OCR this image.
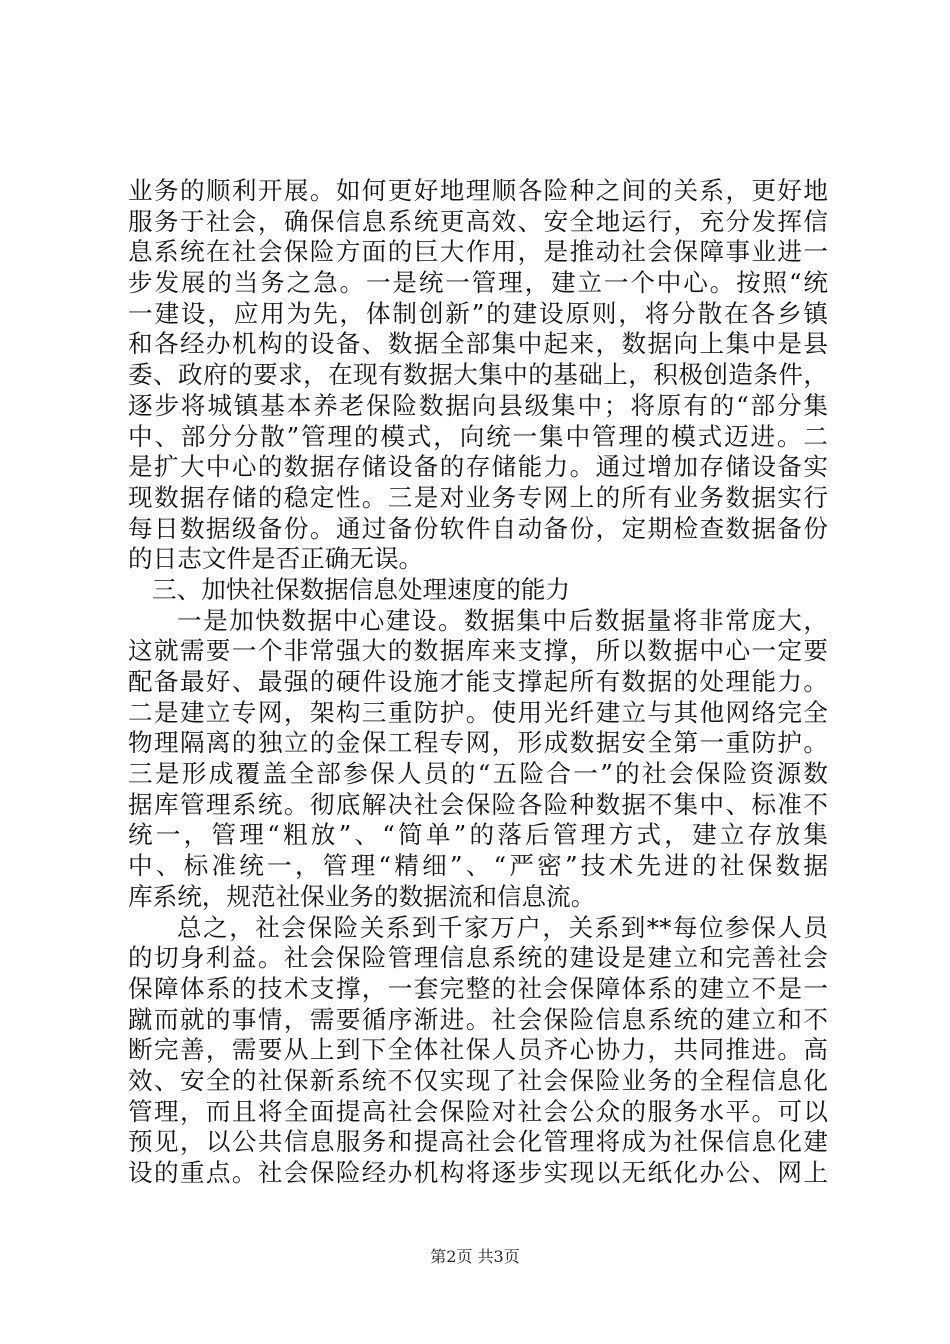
业务的顺利开展。如何更好地理顺各险种之间的关系，更好地
服务于社会，确保信息系统更高效、安全地运行，充分发挥信
息系统在社会保险方面的巨大作用，是推动社会保障事业进一
步发展的当务之急。一是统一管理，建立一个中心。按照“统
一建设，应用为先，体制创新”的建设原则，将分散在各乡镇
和各经办机构的设备、数据全部集中起来，数据向上集中是县
委、政府的要求，在现有数据大集中的基础上，积极创造条件，
逐步将城镇基本养老保险数据向县级集中；将原有的“部分集
中、部分分散”管理的模式，向统一集中管理的模式迈进。二
是扩大中心的数据存储设备的存储能力。通过增加存储设备实
现数据存储的稳定性。三是对业务专网上的所有业务数据实行
每日数据级备份。通过备份软件自动备份，定期检查数据备份
的日志文件是否正确无误。
三、加快社保数据信息处理速度的能力
一是加快数据中心建设。数据集中后数据量将非常庞大，
这就需要一个非常强大的数据库来支撑，所以数据中心一定要
配备最好、最强的硬件设施才能支撑起所有数据的处理能力。
二是建立专网，架构三重防护。使用光纤建立与其他网络完全
物理隔离的独立的金保工程专网，形成数据安全第一重防护。
三是形成覆盖全部参保人员的“五险合一”的社会保险资源数
据库管理系统。彻底解决社会保险各险种数据不集中、标准不
统一，管理“粗放”、“简单”的落后管理方式，建立存放集
中、标准统一，管理“精细”、“严密”技术先进的社保数据
库系统，规范社保业务的数据流和信息流。
总之，社会保险关系到千家万户，关系到**每位参保人员
的切身利益。社会保险管理信息系统的建设是建立和完善社会
保障体系的技术支撑，一套完整的社会保障体系的建立不是一
蹴而就的事情，需要循序渐进。社会保险信息系统的建立和不
断完善，需要从上到下全体社保人员齐心协力，共同推进。高
效、安全的社保新系统不仅实现了社会保险业务的全程信息化
管理，而且将全面提高社会保险对社会公众的服务水平。可以
预见，以公共信息服务和提高社会化管理将成为社保信息化建
设的重点。社会保险经办机构将逐步实现以无纸化办公、网上
第2页 共3页
